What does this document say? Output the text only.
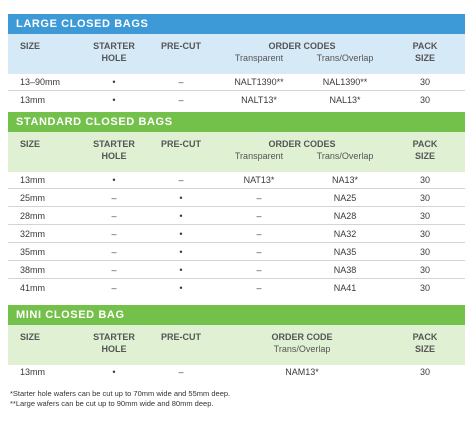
LARGE CLOSED BAGS
SIZE	STARTER
HOLE
PRE-CUT	ORDER CODES
Transparent	Trans/Overlap
PACK
SIZE
13–90mm	•	–	NALT1390**	NAL1390**	30
13mm	•	–	NALT13*	NAL13*	30
STANDARD CLOSED BAGS
SIZE	STARTER
HOLE
PRE-CUT	ORDER CODES
Transparent	Trans/Overlap
PACK
SIZE
13mm	•	–	NAT13*	NA13*	30
25mm	–	•	–	NA25	30
28mm	–	•	–	NA28	30
32mm	–	•	–	NA32	30
35mm	–	•	–	NA35	30
38mm	–	•	–	NA38	30
41mm	–	•	–	NA41	30
MINI CLOSED BAG
SIZE	STARTER
HOLE
PRE-CUT	ORDER CODE
Trans/Overlap
PACK
SIZE
13mm	•	–	NAM13*	30
*Starter hole wafers can be cut up to 70mm wide and 55mm deep.
**Large wafers can be cut up to 90mm wide and 80mm deep.
